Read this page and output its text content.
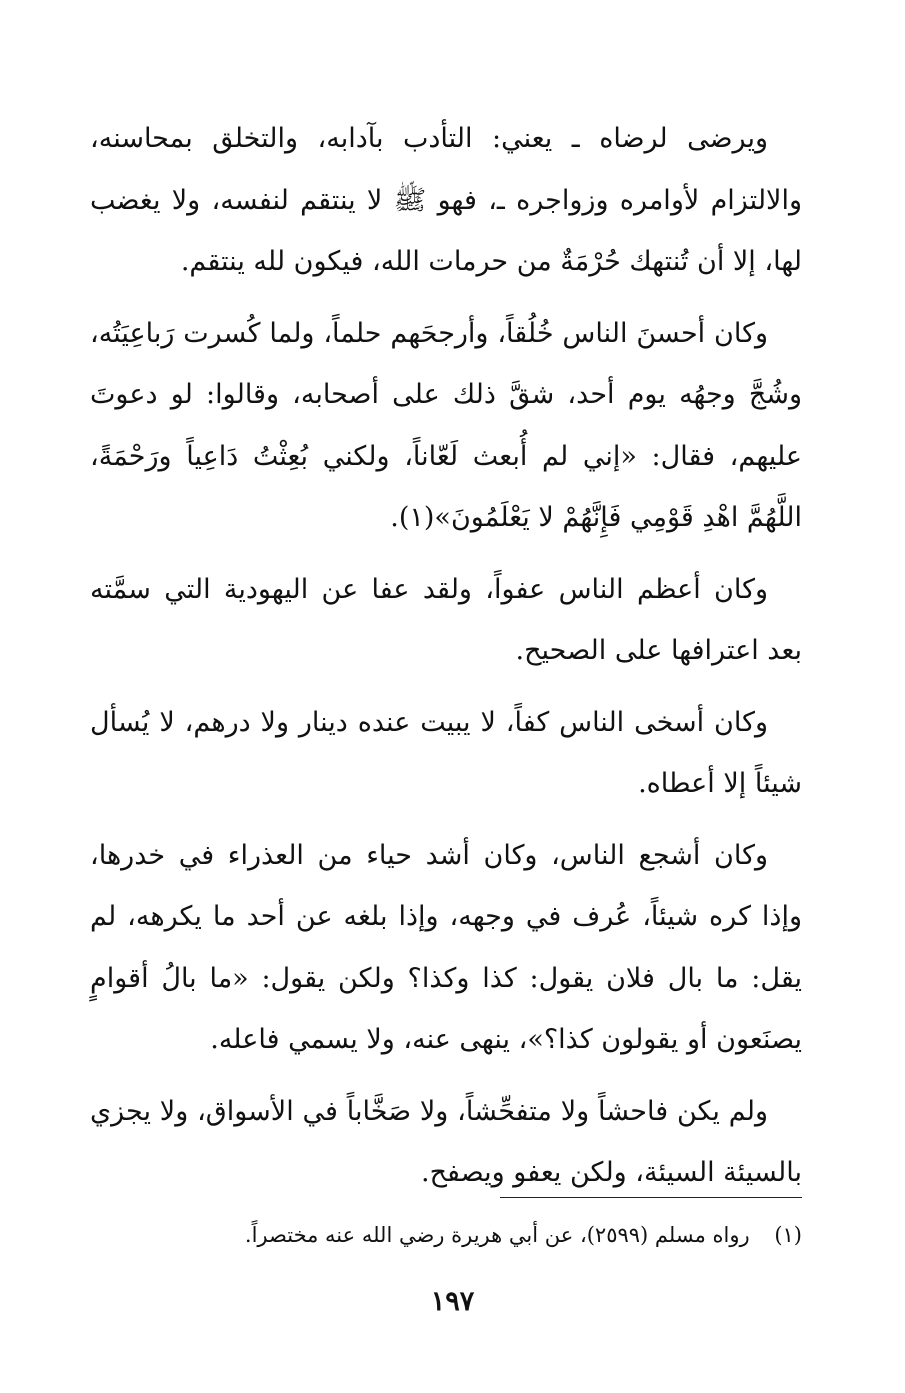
ويرضى لرضاه ـ يعني: التأدب بآدابه، والتخلق بمحاسنه، والالتزام لأوامره وزواجره ـ، فهو ﷺ لا ينتقم لنفسه، ولا يغضب لها، إلا أن تُنتهك حُرْمَةٌ من حرمات الله، فيكون لله ينتقم.

وكان أحسنَ الناس خُلُقاً، وأرجحَهم حلماً، ولما كُسرت رَباعِيَتُه، وشُجَّ وجهُه يوم أحد، شقَّ ذلك على أصحابه، وقالوا: لو دعوتَ عليهم، فقال: «إني لم أُبعث لَعّاناً، ولكني بُعِثْتُ دَاعِياً ورَحْمَةً، اللَّهُمَّ اهْدِ قَوْمِي فَإِنَّهُمْ لا يَعْلَمُونَ»(١).

وكان أعظم الناس عفواً، ولقد عفا عن اليهودية التي سمَّته بعد اعترافها على الصحيح.

وكان أسخى الناس كفاً، لا يبيت عنده دينار ولا درهم، لا يُسأل شيئاً إلا أعطاه.

وكان أشجع الناس، وكان أشد حياء من العذراء في خدرها، وإذا كره شيئاً، عُرف في وجهه، وإذا بلغه عن أحد ما يكرهه، لم يقل: ما بال فلان يقول: كذا وكذا؟ ولكن يقول: «ما بالُ أقوامٍ يصنَعون أو يقولون كذا؟»، ينهى عنه، ولا يسمي فاعله.

ولم يكن فاحشاً ولا متفحِّشاً، ولا صَخَّاباً في الأسواق، ولا يجزي بالسيئة السيئة، ولكن يعفو ويصفح.

(١) رواه مسلم (٢٥٩٩)، عن أبي هريرة رضي الله عنه مختصراً.
١٩٧
